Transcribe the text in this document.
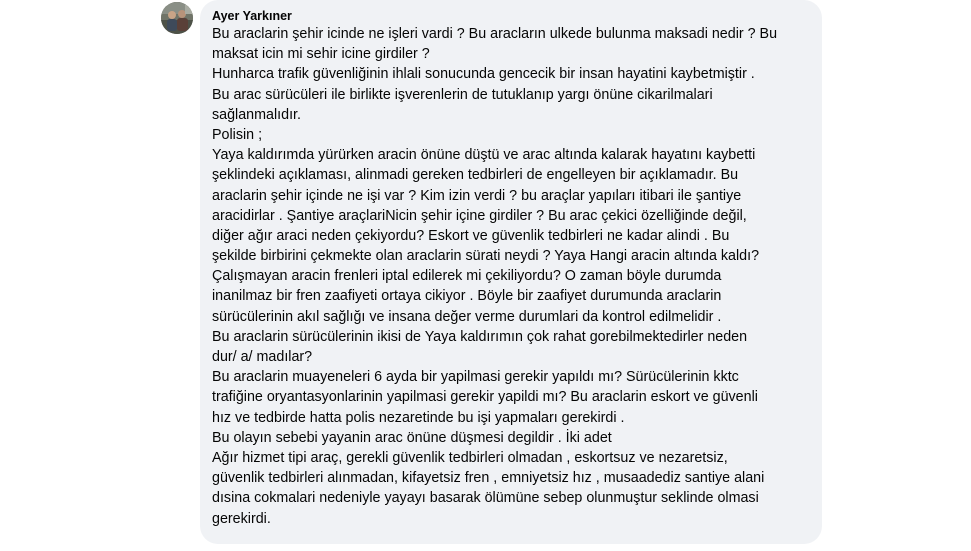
Ayer Yarkıner
Bu araclarin şehir icinde ne işleri vardi ? Bu aracların ulkede bulunma maksadi nedir ? Bu
maksat icin mi sehir icine girdiler ?
Hunharca trafik güvenliğinin ihlali sonucunda gencecik bir insan hayatini kaybetmiştir .
Bu arac sürücüleri ile birlikte işverenlerin de tutuklanıp yargı önüne cikarilmalari
sağlanmalıdır.
Polisin ;
Yaya kaldırımda yürürken aracin önüne düştü ve arac altında kalarak hayatını kaybetti
şeklindeki açıklaması, alinmadi gereken tedbirleri de engelleyen bir açıklamadır. Bu
araclarin şehir içinde ne işi var ? Kim izin verdi ? bu araçlar yapıları itibari ile şantiye
aracidirlar . Şantiye araçlariNicin şehir içine girdiler ? Bu arac çekici özelliğinde değil,
diğer ağır araci neden çekiyordu? Eskort ve güvenlik tedbirleri ne kadar alindi . Bu
şekilde birbirini çekmekte olan araclarin sürati neydi ? Yaya Hangi aracin altında kaldı?
Çalışmayan aracin frenleri iptal edilerek mi çekiliyordu? O zaman böyle durumda
inanilmaz bir fren zaafiyeti ortaya cikiyor . Böyle bir zaafiyet durumunda araclarin
sürücülerinin akıl sağlığı ve insana değer verme durumlari da kontrol edilmelidir .
Bu araclarin sürücülerinin ikisi de Yaya kaldırımın çok rahat gorebilmektedirler neden
dur/ a/ madılar?
Bu araclarin muayeneleri 6 ayda bir yapilmasi gerekir yapıldı mı? Sürücülerinin kktc
trafiğine oryantasyonlarinin yapilmasi gerekir yapildi mı? Bu araclarin eskort ve güvenli
hız ve tedbirde hatta polis nezaretinde bu işi yapmaları gerekirdi .
Bu olayın sebebi yayanin arac önüne düşmesi degildir . İki adet
Ağır hizmet tipi araç, gerekli güvenlik tedbirleri olmadan , eskortsuz ve nezaretsiz,
güvenlik tedbirleri alınmadan, kifayetsiz fren , emniyetsiz hız , musaadediz santiye alani
dısina cokmalari nedeniyle yayayı basarak ölümüne sebep olunmuştur seklinde olmasi
gerekirdi.
